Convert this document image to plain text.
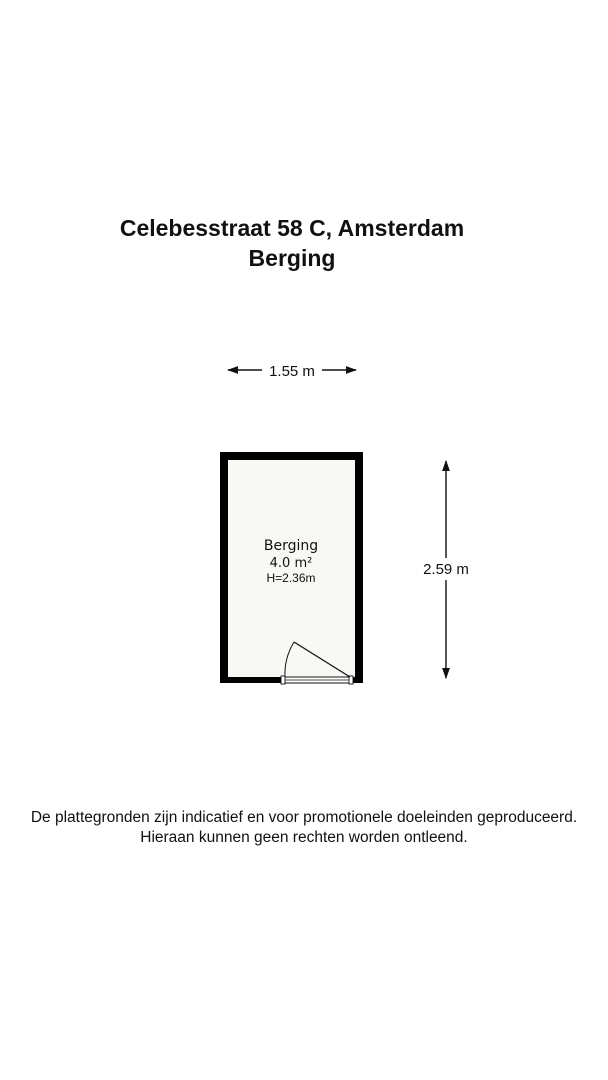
Celebesstraat 58 C, Amsterdam
Berging
1.55 m
2.59 m
Berging
4.0 m²
H=2.36m
De plattegronden zijn indicatief en voor promotionele doeleinden geproduceerd.
Hieraan kunnen geen rechten worden ontleend.
